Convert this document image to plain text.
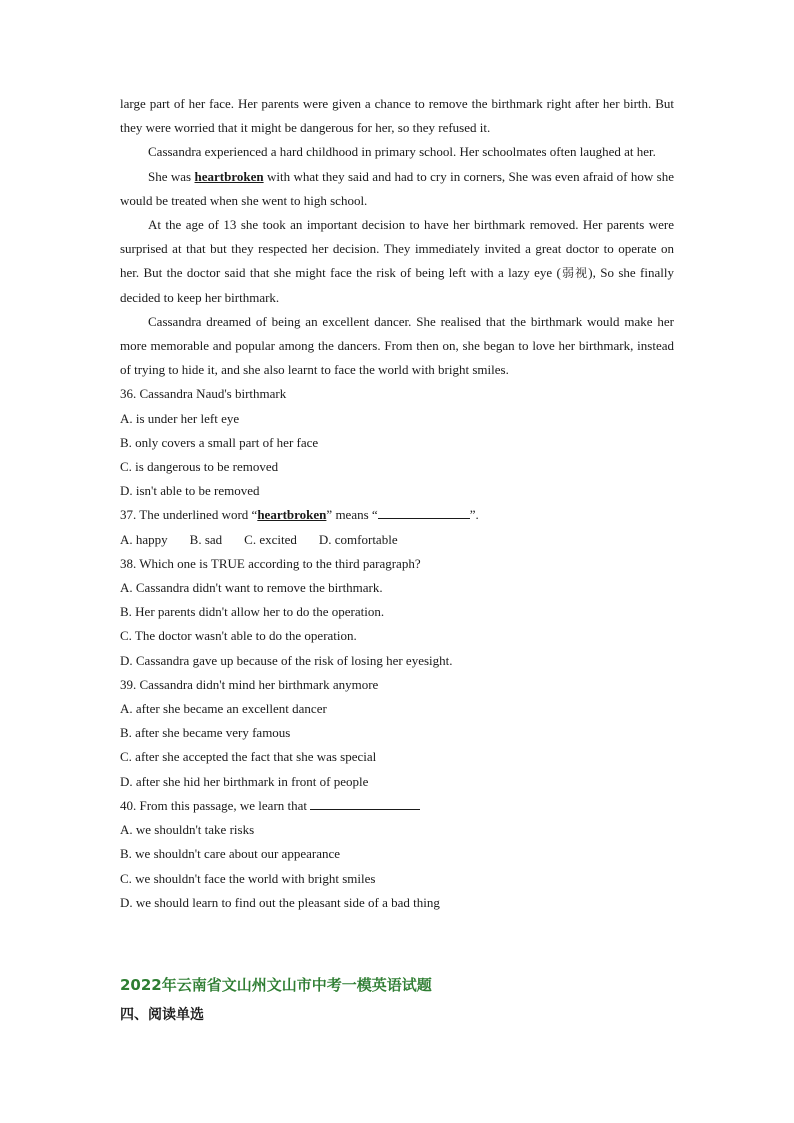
large part of her face. Her parents were given a chance to remove the birthmark right after her birth. But they were worried that it might be dangerous for her, so they refused it.

Cassandra experienced a hard childhood in primary school. Her schoolmates often laughed at her.

She was heartbroken with what they said and had to cry in corners, She was even afraid of how she would be treated when she went to high school.

At the age of 13 she took an important decision to have her birthmark removed. Her parents were surprised at that but they respected her decision. They immediately invited a great doctor to operate on her. But the doctor said that she might face the risk of being left with a lazy eye (弱视), So she finally decided to keep her birthmark.

Cassandra dreamed of being an excellent dancer. She realised that the birthmark would make her more memorable and popular among the dancers. From then on, she began to love her birthmark, instead of trying to hide it, and she also learnt to face the world with bright smiles.

36. Cassandra Naud's birthmark

A. is under her left eye

B. only covers a small part of her face

C. is dangerous to be removed

D. isn't able to be removed

37. The underlined word “heartbroken” means “	”.

A. happy B. sad C. excited D. comfortable

38. Which one is TRUE according to the third paragraph?

A. Cassandra didn't want to remove the birthmark.

B. Her parents didn't allow her to do the operation.

C. The doctor wasn't able to do the operation.

D. Cassandra gave up because of the risk of losing her eyesight.

39. Cassandra didn't mind her birthmark anymore

A. after she became an excellent dancer

B. after she became very famous

C. after she accepted the fact that she was special

D. after she hid her birthmark in front of people

40. From this passage, we learn that

A. we shouldn't take risks

B. we shouldn't care about our appearance

C. we shouldn't face the world with bright smiles

D. we should learn to find out the pleasant side of a bad thing

2022年云南省文山州文山市中考一模英语试题

四、阅读单选
